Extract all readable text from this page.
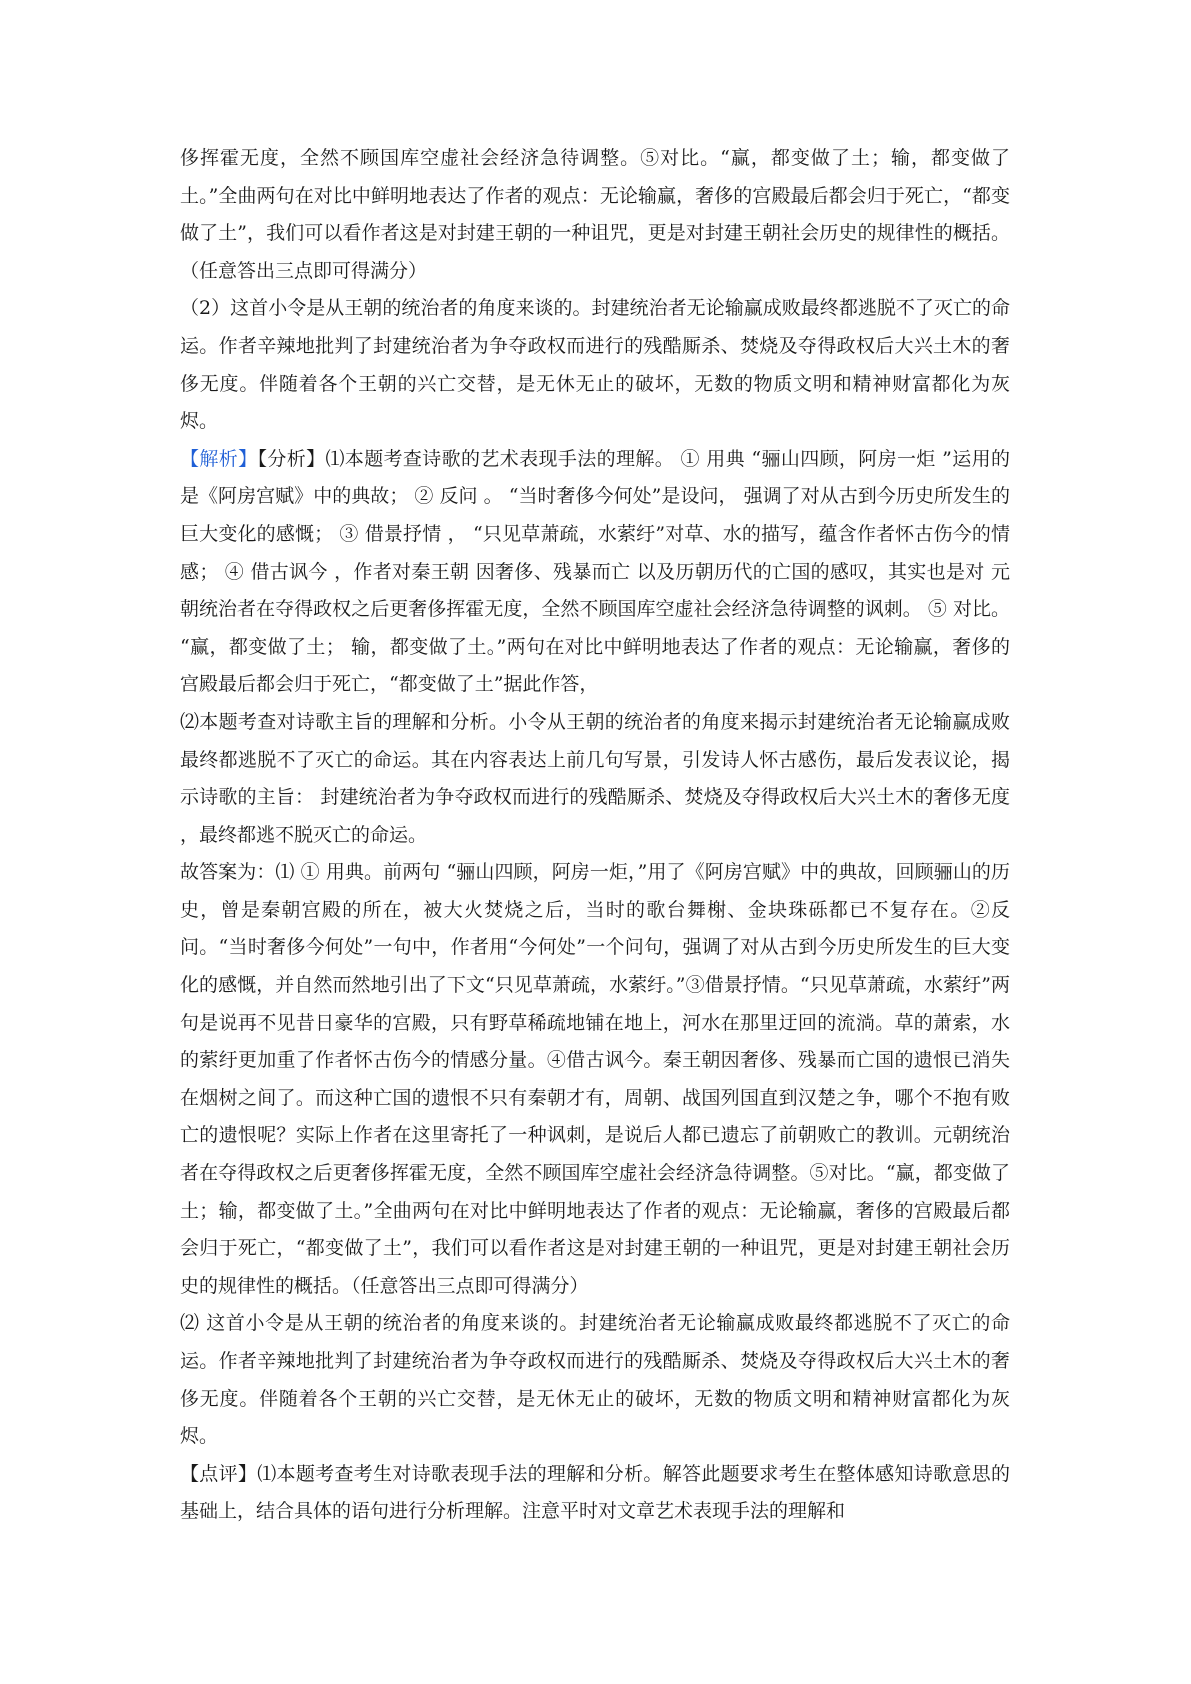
侈挥霍无度，全然不顾国库空虚社会经济急待调整。⑤对比。“赢，都变做了土；输，都变做了土。”全曲两句在对比中鲜明地表达了作者的观点：无论输赢，奢侈的宫殿最后都会归于死亡，“都变做了土”，我们可以看作者这是对封建王朝的一种诅咒，更是对封建王朝社会历史的规律性的概括。（任意答出三点即可得满分）

（2）这首小令是从王朝的统治者的角度来谈的。封建统治者无论输赢成败最终都逃脱不了灭亡的命运。作者辛辣地批判了封建统治者为争夺政权而进行的残酷厮杀、焚烧及夺得政权后大兴土木的奢侈无度。伴随着各个王朝的兴亡交替，是无休无止的破坏，无数的物质文明和精神财富都化为灰烬。

【解析】【分析】⑴本题考查诗歌的艺术表现手法的理解。 ① 用典 “骊山四顾，阿房一炬 ”运用的是《阿房宫赋》中的典故； ② 反问 。 “当时奢侈今何处”是设问， 强调了对从古到今历史所发生的巨大变化的感慨； ③ 借景抒情 ， “只见草萧疏，水萦纡”对草、水的描写，蕴含作者怀古伤今的情感； ④ 借古讽今 ，作者对秦王朝 因奢侈、残暴而亡 以及历朝历代的亡国的感叹，其实也是对 元朝统治者在夺得政权之后更奢侈挥霍无度，全然不顾国库空虚社会经济急待调整的讽刺。 ⑤ 对比。 “赢，都变做了土； 输，都变做了土。”两句在对比中鲜明地表达了作者的观点：无论输赢，奢侈的宫殿最后都会归于死亡，“都变做了土”据此作答，

⑵本题考查对诗歌主旨的理解和分析。小令从王朝的统治者的角度来揭示封建统治者无论输赢成败最终都逃脱不了灭亡的命运。其在内容表达上前几句写景，引发诗人怀古感伤，最后发表议论，揭示诗歌的主旨： 封建统治者为争夺政权而进行的残酷厮杀、焚烧及夺得政权后大兴土木的奢侈无度 ，最终都逃不脱灭亡的命运。

故答案为：⑴ ① 用典。前两句 “骊山四顾，阿房一炬，”用了《阿房宫赋》中的典故，回顾骊山的历史，曾是秦朝宫殿的所在，被大火焚烧之后，当时的歌台舞榭、金块珠砾都已不复存在。②反问。“当时奢侈今何处”一句中，作者用“今何处”一个问句，强调了对从古到今历史所发生的巨大变化的感慨，并自然而然地引出了下文“只见草萧疏，水萦纡。”③借景抒情。“只见草萧疏，水萦纡”两句是说再不见昔日豪华的宫殿，只有野草稀疏地铺在地上，河水在那里迂回的流淌。草的萧索，水的萦纡更加重了作者怀古伤今的情感分量。④借古讽今。秦王朝因奢侈、残暴而亡国的遗恨已消失在烟树之间了。而这种亡国的遗恨不只有秦朝才有，周朝、战国列国直到汉楚之争，哪个不抱有败亡的遗恨呢？实际上作者在这里寄托了一种讽刺，是说后人都已遗忘了前朝败亡的教训。元朝统治者在夺得政权之后更奢侈挥霍无度，全然不顾国库空虚社会经济急待调整。⑤对比。“赢，都变做了土；输，都变做了土。”全曲两句在对比中鲜明地表达了作者的观点：无论输赢，奢侈的宫殿最后都会归于死亡，“都变做了土”，我们可以看作者这是对封建王朝的一种诅咒，更是对封建王朝社会历史的规律性的概括。（任意答出三点即可得满分）

⑵ 这首小令是从王朝的统治者的角度来谈的。封建统治者无论输赢成败最终都逃脱不了灭亡的命运。作者辛辣地批判了封建统治者为争夺政权而进行的残酷厮杀、焚烧及夺得政权后大兴土木的奢侈无度。伴随着各个王朝的兴亡交替，是无休无止的破坏，无数的物质文明和精神财富都化为灰烬。

【点评】⑴本题考查考生对诗歌表现手法的理解和分析。解答此题要求考生在整体感知诗歌意思的基础上，结合具体的语句进行分析理解。注意平时对文章艺术表现手法的理解和
